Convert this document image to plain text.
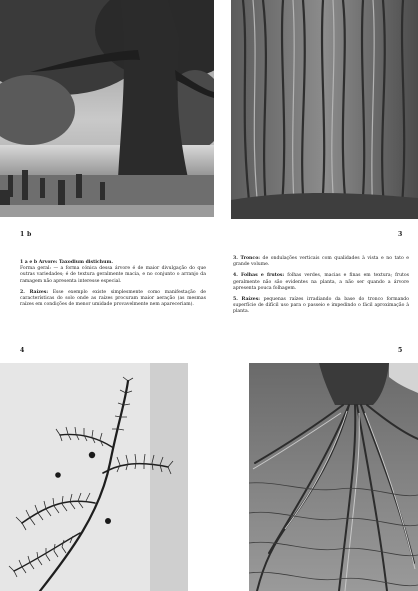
1 b	3

1 a e b Arvore: Taxodium distichum.
Forma geral: — a forma cónica dessa árvore é de maior divulgação do que outras variedades; é de textura geralmente macia, e no conjunto o arranjo da ramagem não apresenta interesse especial.

2. Raízes: Esse exemplo existe simplesmente como manifestação de características do solo onde as raízes procuram maior aeração (as mesmas raízes em condições de menor umidade provavelmente nem apareceriam).

3. Tronco: de ondulações verticais com qualidades à vista e no tato e grande volume.

4. Folhas e frutos: folhas verdes, macias e finas em textura; frutos geralmente não são evidentes na planta, a não ser quando a árvore apresenta pouca folhagem.

5. Raízes: pequenas raízes irradiando da base do tronco formando superfície de difícil uso para o passeio e impedindo o fácil aproximação à planta.

4	5
